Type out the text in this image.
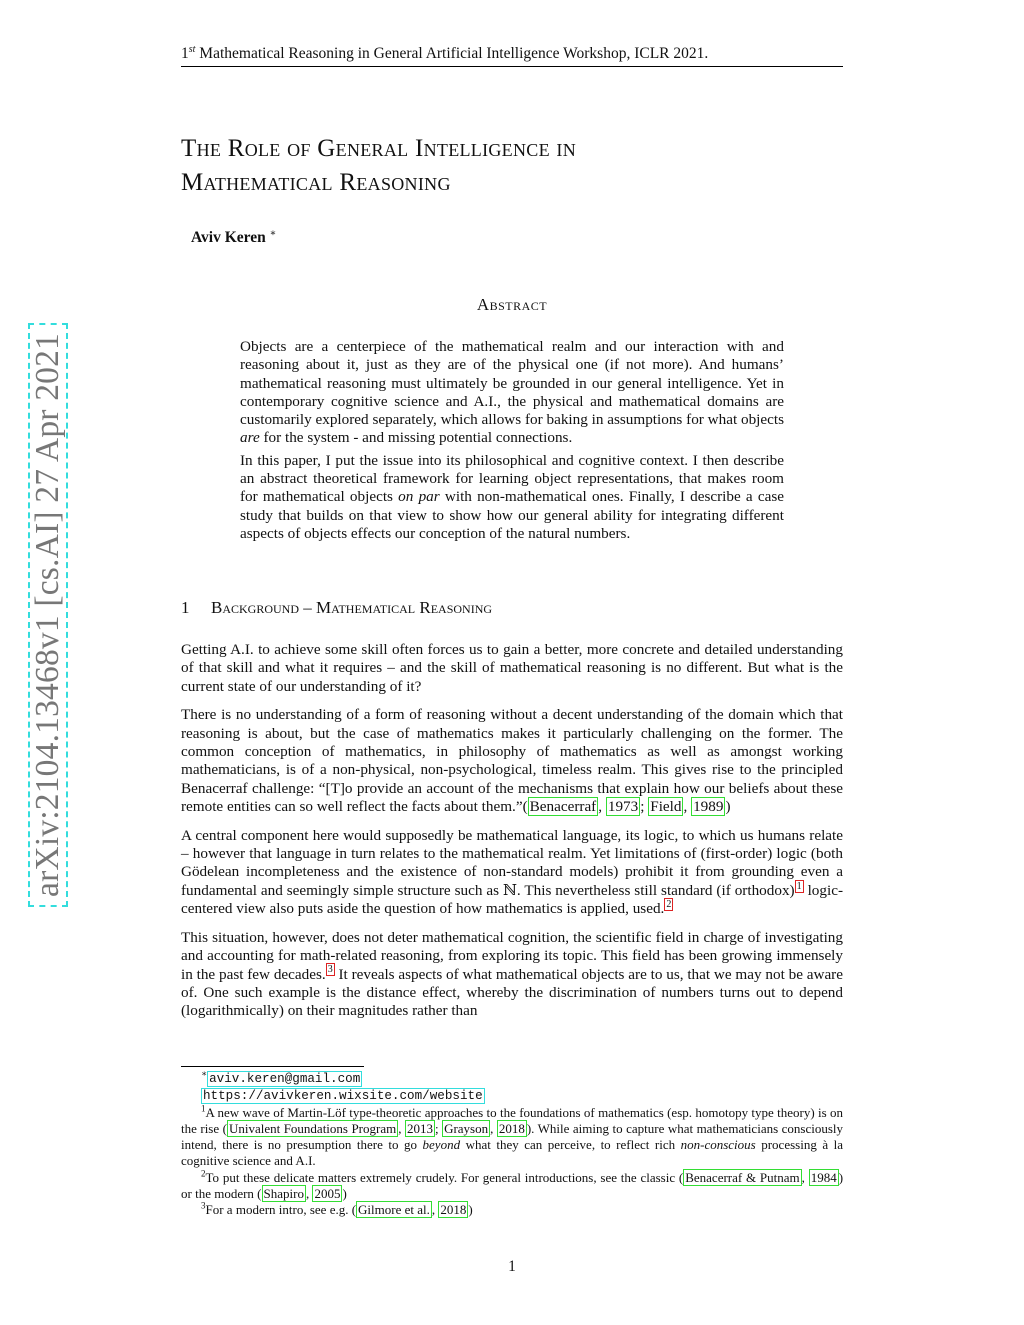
1st Mathematical Reasoning in General Artificial Intelligence Workshop, ICLR 2021.
arXiv:2104.13468v1 [cs.AI] 27 Apr 2021
The Role of General Intelligence in
Mathematical Reasoning
Aviv Keren ∗
Abstract

Objects are a centerpiece of the mathematical realm and our interaction with and reasoning about it, just as they are of the physical one (if not more). And humans’ mathematical reasoning must ultimately be grounded in our general intelligence. Yet in contemporary cognitive science and A.I., the physical and mathematical domains are customarily explored separately, which allows for baking in assumptions for what objects are for the system - and missing potential connections.

In this paper, I put the issue into its philosophical and cognitive context. I then describe an abstract theoretical framework for learning object representations, that makes room for mathematical objects on par with non-mathematical ones. Finally, I describe a case study that builds on that view to show how our general ability for integrating different aspects of objects effects our conception of the natural numbers.

1 Background – Mathematical Reasoning

Getting A.I. to achieve some skill often forces us to gain a better, more concrete and detailed understanding of that skill and what it requires – and the skill of mathematical reasoning is no different. But what is the current state of our understanding of it?

There is no understanding of a form of reasoning without a decent understanding of the domain which that reasoning is about, but the case of mathematics makes it particularly challenging on the former. The common conception of mathematics, in philosophy of mathematics as well as amongst working mathematicians, is of a non-physical, non-psychological, timeless realm. This gives rise to the principled Benacerraf challenge: “[T]o provide an account of the mechanisms that explain how our beliefs about these remote entities can so well reflect the facts about them.”( Benacerraf , 1973 ; Field , 1989 )

A central component here would supposedly be mathematical language, its logic, to which us humans relate – however that language in turn relates to the mathematical realm. Yet limitations of (first-order) logic (both Gödelean incompleteness and the existence of non-standard models) prohibit it from grounding even a fundamental and seemingly simple structure such as ℕ. This nevertheless still standard (if orthodox) $^1$ logic-centered view also puts aside the question of how mathematics is applied, used. $^2$

This situation, however, does not deter mathematical cognition, the scientific field in charge of investigating and accounting for math-related reasoning, from exploring its topic. This field has been growing immensely in the past few decades. $^3$ It reveals aspects of what mathematical objects are to us, that we may not be aware of. One such example is the distance effect, whereby the discrimination of numbers turns out to depend (logarithmically) on their magnitudes rather than

∗ aviv.keren@gmail.com

https://avivkeren.wixsite.com/website

$^1$A new wave of Martin-Löf type-theoretic approaches to the foundations of mathematics (esp. homotopy type theory) is on the rise ( Univalent Foundations Program , 2013 ; Grayson , 2018 ). While aiming to capture what mathematicians consciously intend, there is no presumption there to go beyond what they can perceive, to reflect rich non-conscious processing à la cognitive science and A.I.

$^2$To put these delicate matters extremely crudely. For general introductions, see the classic ( Benacerraf & Putnam , 1984 ) or the modern ( Shapiro , 2005 )

$^3$For a modern intro, see e.g. ( Gilmore et al. , 2018 )

1
